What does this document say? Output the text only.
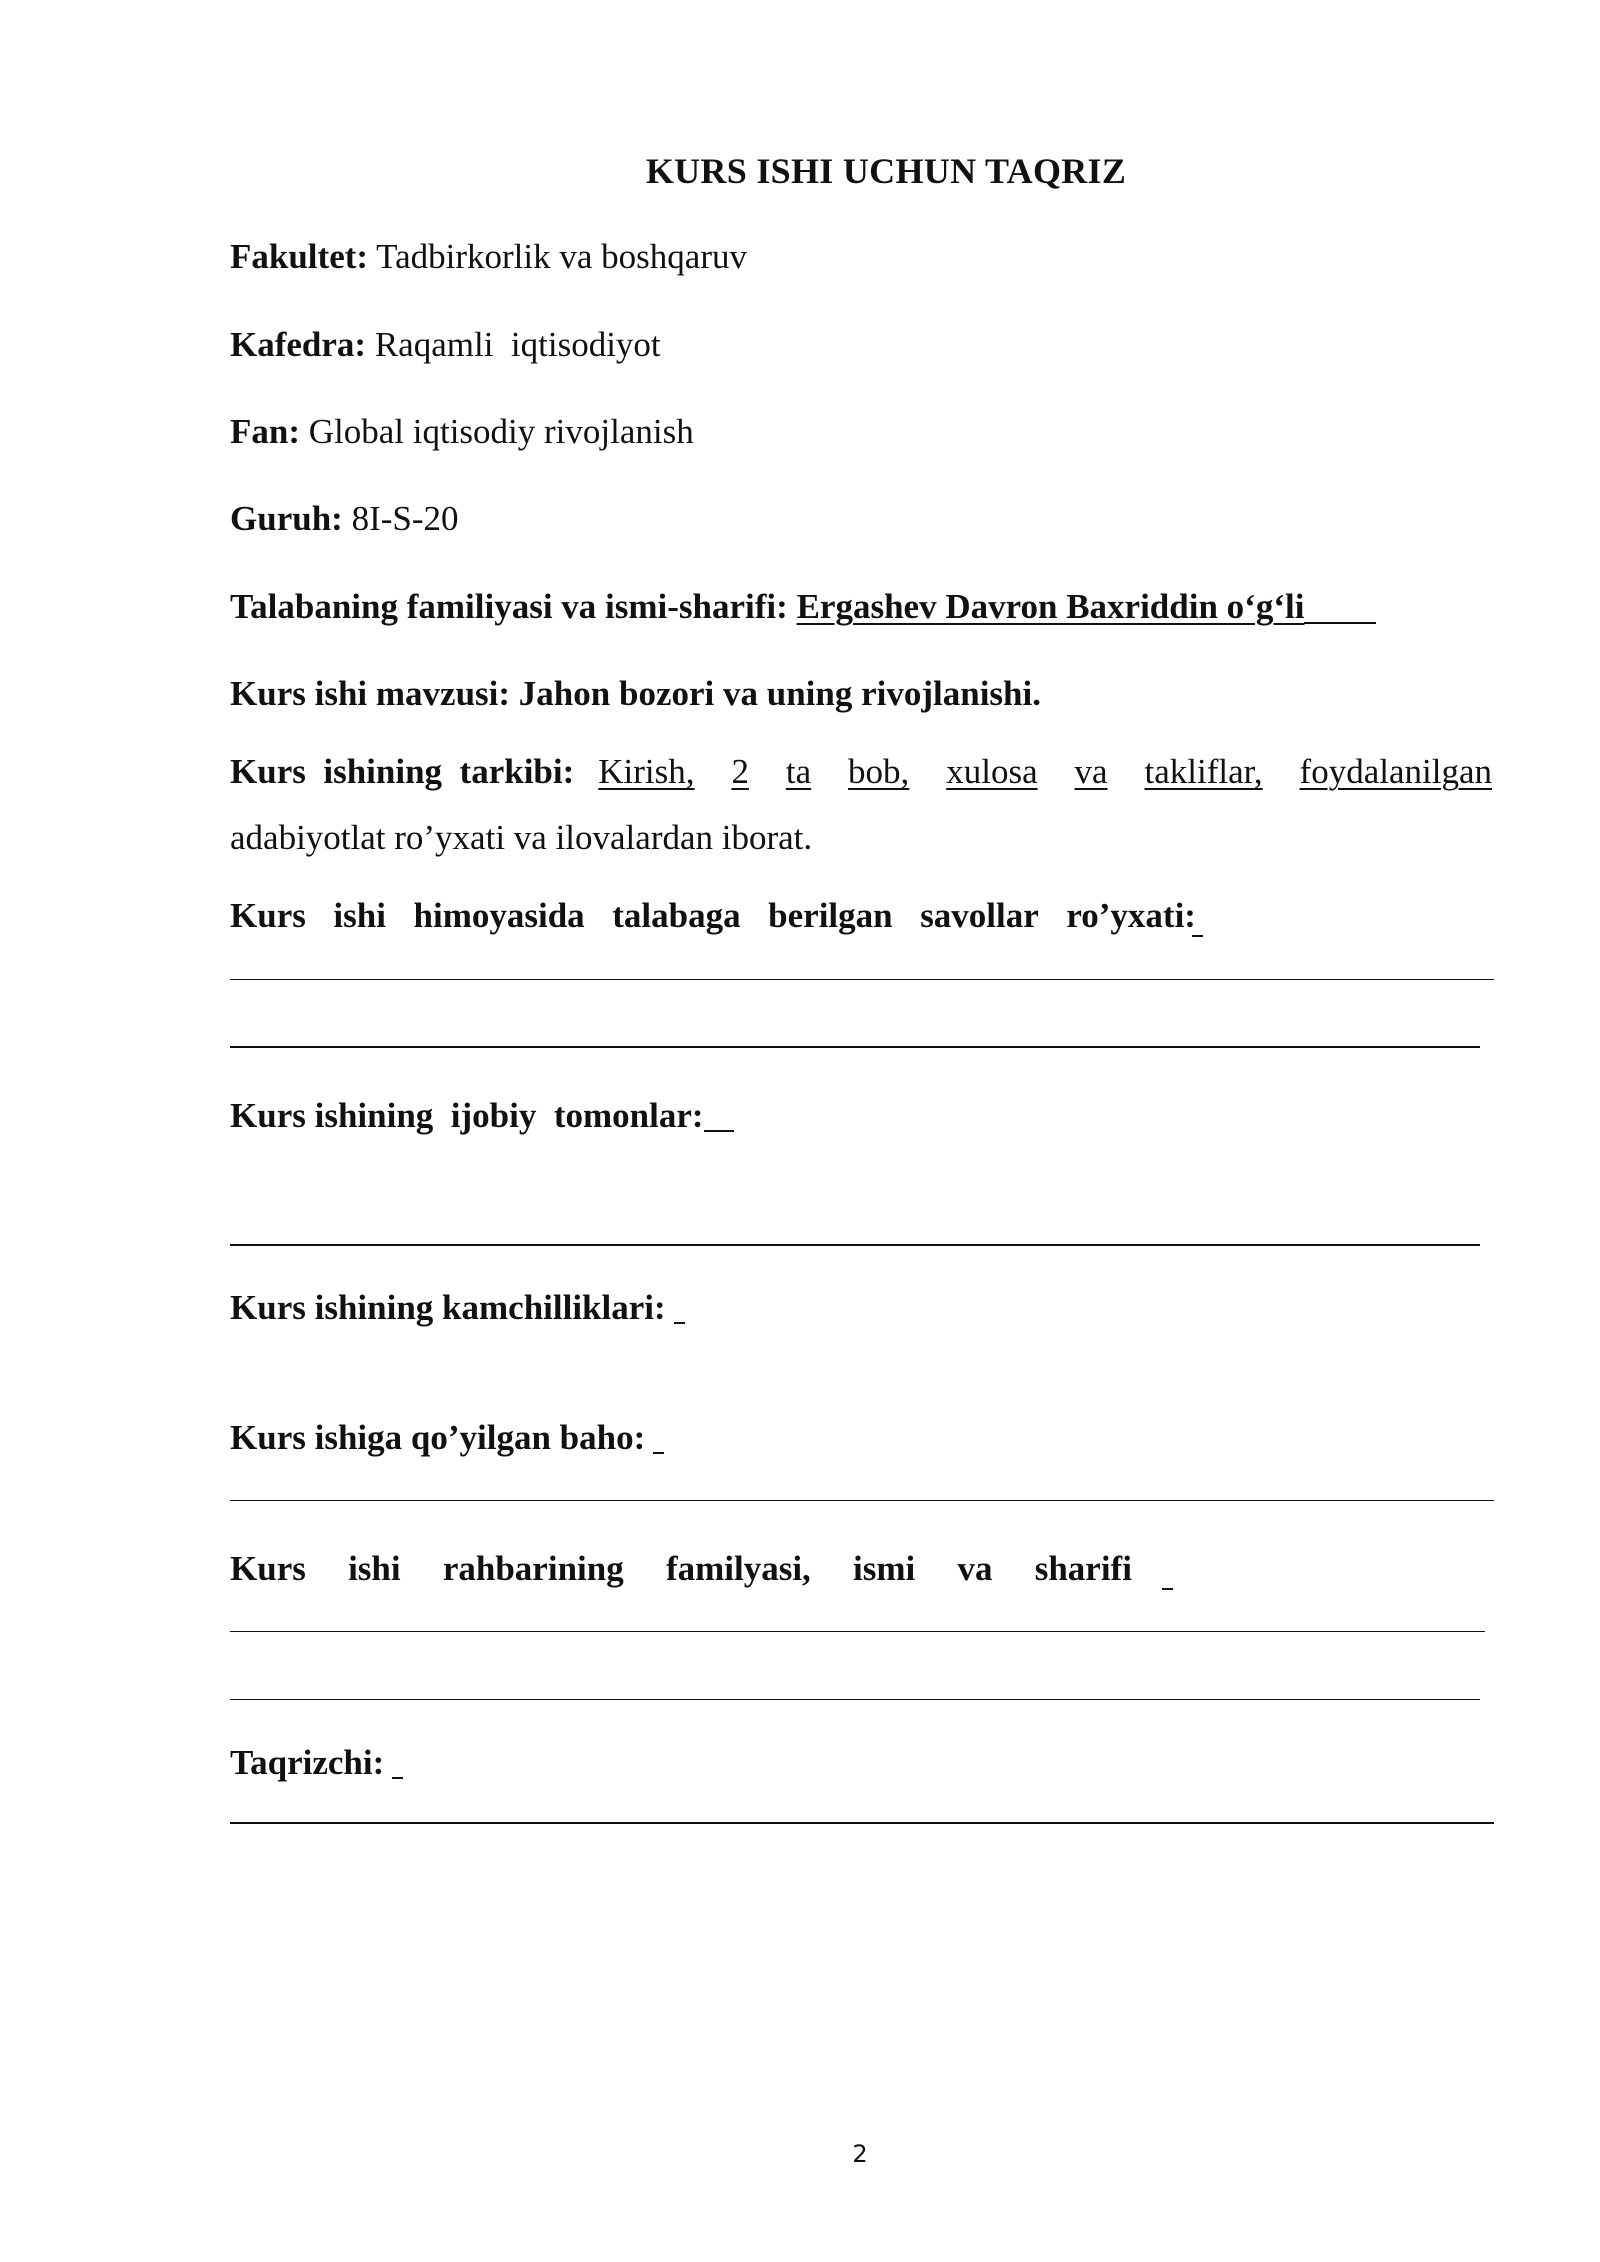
KURS ISHI UCHUN TAQRIZ
Fakultet: Tadbirkorlik va boshqaruv
Kafedra: Raqamli  iqtisodiyot
Fan: Global iqtisodiy rivojlanish
Guruh: 8I-S-20
Talabaning familiyasi va ismi-sharifi: Ergashev Davron Baxriddin o‘g‘li
Kurs ishi mavzusi: Jahon bozori va uning rivojlanishi.
Kurs  ishining  tarkibi: Kirish, 2 ta bob, xulosa va takliflar, foydalanilgan
adabiyotlat ro’yxati va ilovalardan iborat.
Kurs ishi himoyasida talabaga berilgan savollar ro’yxati:
Kurs ishining  ijobiy  tomonlar:
Kurs ishining kamchilliklari:
Kurs ishiga qo’yilgan baho:
Kurs ishi rahbarining familyasi, ismi va sharifi
Taqrizchi:
2
